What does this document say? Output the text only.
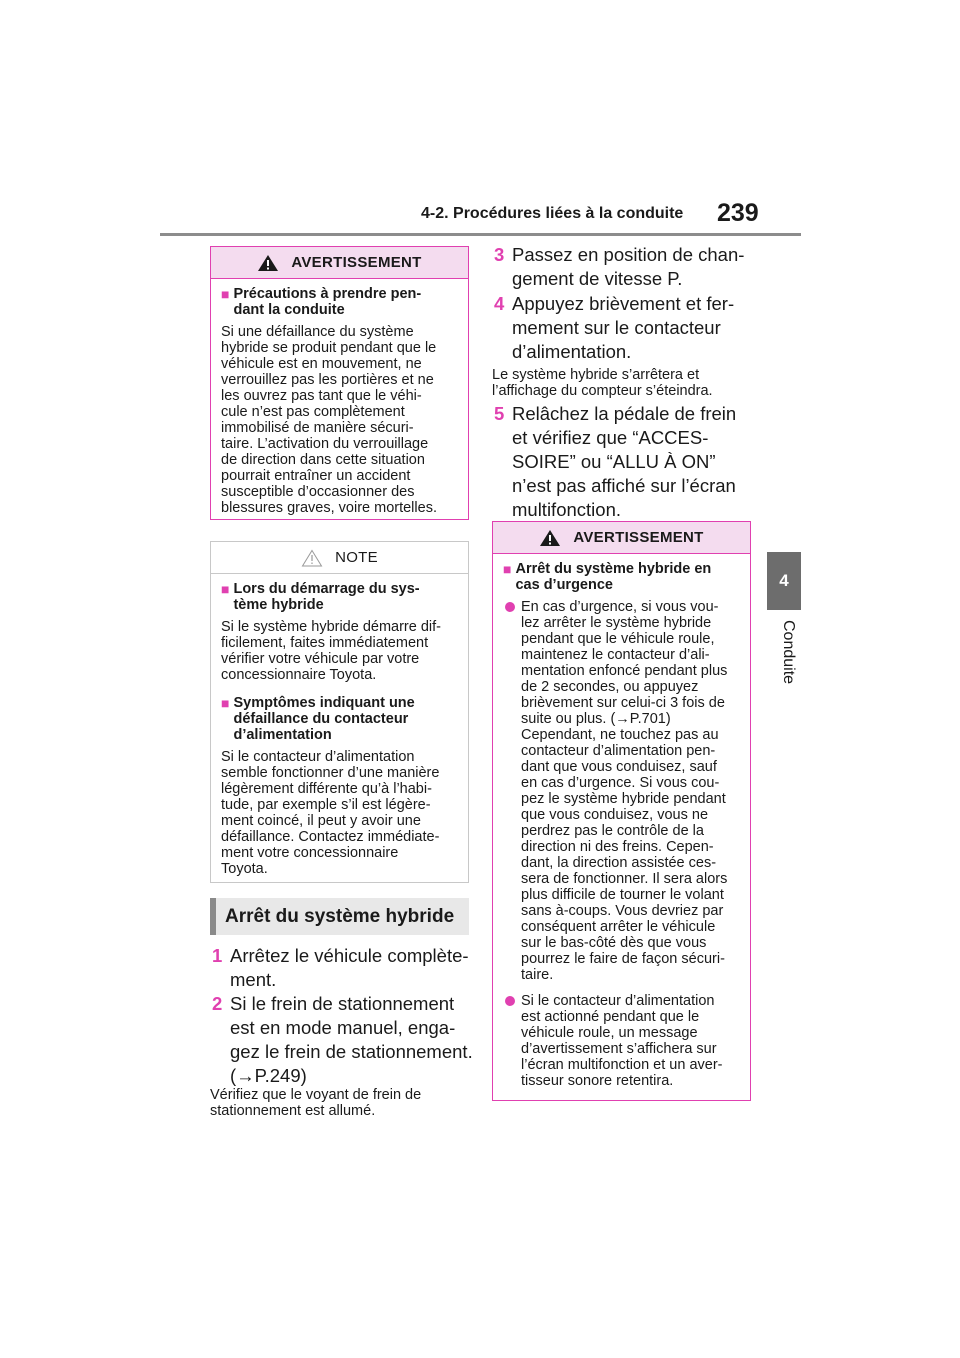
4-2. Procédures liées à la conduite 239
4
Conduite
AVERTISSEMENT
■ Précautions à prendre pen-
dant la conduite
Si une défaillance du système
hybride se produit pendant que le
véhicule est en mouvement, ne
verrouillez pas les portières et ne
les ouvrez pas tant que le véhi-
cule n’est pas complètement
immobilisé de manière sécuri-
taire. L’activation du verrouillage
de direction dans cette situation
pourrait entraîner un accident
susceptible d’occasionner des
blessures graves, voire mortelles.
NOTE
■ Lors du démarrage du sys-
tème hybride
Si le système hybride démarre dif-
ficilement, faites immédiatement
vérifier votre véhicule par votre
concessionnaire Toyota.
■ Symptômes indiquant une
défaillance du contacteur
d’alimentation
Si le contacteur d’alimentation
semble fonctionner d’une manière
légèrement différente qu’à l’habi-
tude, par exemple s’il est légère-
ment coincé, il peut y avoir une
défaillance. Contactez immédiate-
ment votre concessionnaire
Toyota.
Arrêt du système hybride
1 Arrêtez le véhicule complète-
ment.
2 Si le frein de stationnement
est en mode manuel, enga-
gez le frein de stationnement.
(→P.249)
Vérifiez que le voyant de frein de
stationnement est allumé.
3 Passez en position de chan-
gement de vitesse P.
4 Appuyez brièvement et fer-
mement sur le contacteur
d’alimentation.
Le système hybride s’arrêtera et
l’affichage du compteur s’éteindra.
5 Relâchez la pédale de frein
et vérifiez que “ACCES-
SOIRE” ou “ALLU À ON”
n’est pas affiché sur l’écran
multifonction.
AVERTISSEMENT
■ Arrêt du système hybride en
cas d’urgence
En cas d’urgence, si vous vou-
lez arrêter le système hybride
pendant que le véhicule roule,
maintenez le contacteur d’ali-
mentation enfoncé pendant plus
de 2 secondes, ou appuyez
brièvement sur celui-ci 3 fois de
suite ou plus. (→P.701)
Cependant, ne touchez pas au
contacteur d’alimentation pen-
dant que vous conduisez, sauf
en cas d’urgence. Si vous cou-
pez le système hybride pendant
que vous conduisez, vous ne
perdrez pas le contrôle de la
direction ni des freins. Cepen-
dant, la direction assistée ces-
sera de fonctionner. Il sera alors
plus difficile de tourner le volant
sans à-coups. Vous devriez par
conséquent arrêter le véhicule
sur le bas-côté dès que vous
pourrez le faire de façon sécuri-
taire.
Si le contacteur d’alimentation
est actionné pendant que le
véhicule roule, un message
d’avertissement s’affichera sur
l’écran multifonction et un aver-
tisseur sonore retentira.
